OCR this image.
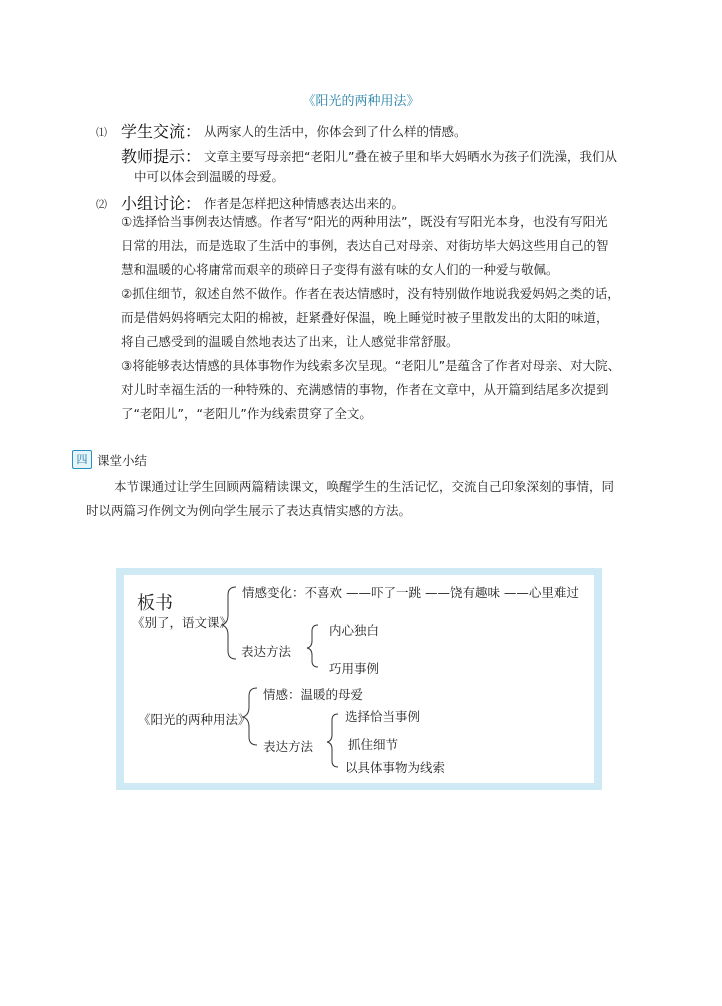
《阳光的两种用法》
⑴ 学生交流： 从两家人的生活中，你体会到了什么样的情感。
教师提示： 文章主要写母亲把“老阳儿”叠在被子里和毕大妈晒水为孩子们洗澡，我们从
中可以体会到温暖的母爱。
⑵ 小组讨论： 作者是怎样把这种情感表达出来的。
①选择恰当事例表达情感。作者写“阳光的两种用法”，既没有写阳光本身，也没有写阳光
日常的用法，而是选取了生活中的事例，表达自己对母亲、对街坊毕大妈这些用自己的智
慧和温暖的心将庸常而艰辛的琐碎日子变得有滋有味的女人们的一种爱与敬佩。
②抓住细节，叙述自然不做作。作者在表达情感时，没有特别做作地说我爱妈妈之类的话，
而是借妈妈将晒完太阳的棉被，赶紧叠好保温，晚上睡觉时被子里散发出的太阳的味道，
将自己感受到的温暖自然地表达了出来，让人感觉非常舒服。
③将能够表达情感的具体事物作为线索多次呈现。“老阳儿”是蕴含了作者对母亲、对大院、
对儿时幸福生活的一种特殊的、充满感情的事物，作者在文章中，从开篇到结尾多次提到
了“老阳儿”，“老阳儿”作为线索贯穿了全文。
四 课堂小结
本节课通过让学生回顾两篇精读课文，唤醒学生的生活记忆，交流自己印象深刻的事情，同
时以两篇习作例文为例向学生展示了表达真情实感的方法。
板书
《别了，语文课》
情感变化：不喜欢 ——吓了一跳 ——饶有趣味 ——心里难过
表达方法
内心独白
巧用事例
《阳光的两种用法》
情感：温暖的母爱
表达方法
选择恰当事例
抓住细节
以具体事物为线索
